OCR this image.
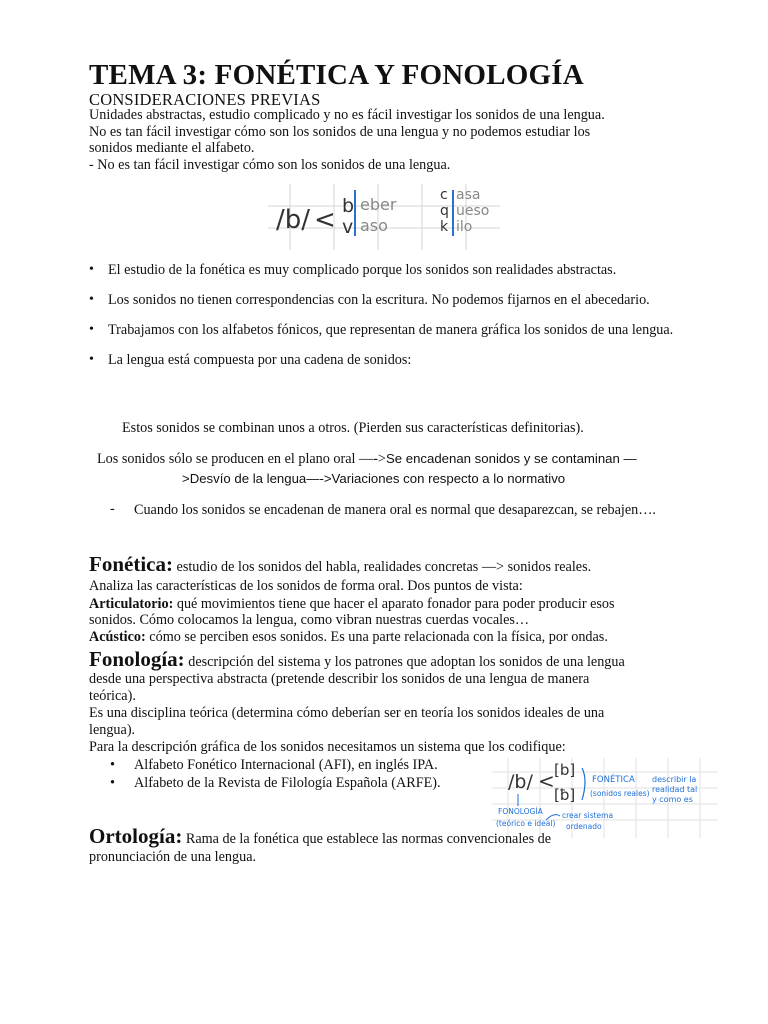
TEMA 3: FONÉTICA Y FONOLOGÍA
CONSIDERACIONES PREVIAS
Unidades abstractas, estudio complicado y no es fácil investigar los sonidos de una lengua.
No es tan fácil investigar cómo son los sonidos de una lengua y no podemos estudiar los
sonidos mediante el alfabeto.
- No es tan fácil investigar cómo son los sonidos de una lengua.
/b/ < b
v
eber
aso
c
q
k
asa
ueso
ilo
• El estudio de la fonética es muy complicado porque los sonidos son realidades abstractas.
• Los sonidos no tienen correspondencias con la escritura. No podemos fijarnos en el abecedario.
• Trabajamos con los alfabetos fónicos, que representan de manera gráfica los sonidos de una lengua.
• La lengua está compuesta por una cadena de sonidos:
Estos sonidos se combinan unos a otros. (Pierden sus características definitorias).
Los sonidos sólo se producen en el plano oral —->Se encadenan sonidos y se contaminan —
>Desvío de la lengua—->Variaciones con respecto a lo normativo
- Cuando los sonidos se encadenan de manera oral es normal que desaparezcan, se rebajen….
Fonética: estudio de los sonidos del habla, realidades concretas —> sonidos reales.
Analiza las características de los sonidos de forma oral. Dos puntos de vista:
Articulatorio: qué movimientos tiene que hacer el aparato fonador para poder producir esos
sonidos. Cómo colocamos la lengua, como vibran nuestras cuerdas vocales…
Acústico: cómo se perciben esos sonidos. Es una parte relacionada con la física, por ondas.
Fonología: descripción del sistema y los patrones que adoptan los sonidos de una lengua
desde una perspectiva abstracta (pretende describir los sonidos de una lengua de manera
teórica).
Es una disciplina teórica (determina cómo deberían ser en teoría los sonidos ideales de una
lengua).
Para la descripción gráfica de los sonidos necesitamos un sistema que los codifique:
• Alfabeto Fonético Internacional (AFI), en inglés IPA.
• Alfabeto de la Revista de Filología Española (ARFE).	/b/ < [b]
[ƀ]
FONÉTICA
(sonidos reales)
describir la realidad tal y como es
FONOLOGÍA
(teórico e ideal)
crear sistema ordenado
Ortología: Rama de la fonética que establece las normas convencionales de
pronunciación de una lengua.
